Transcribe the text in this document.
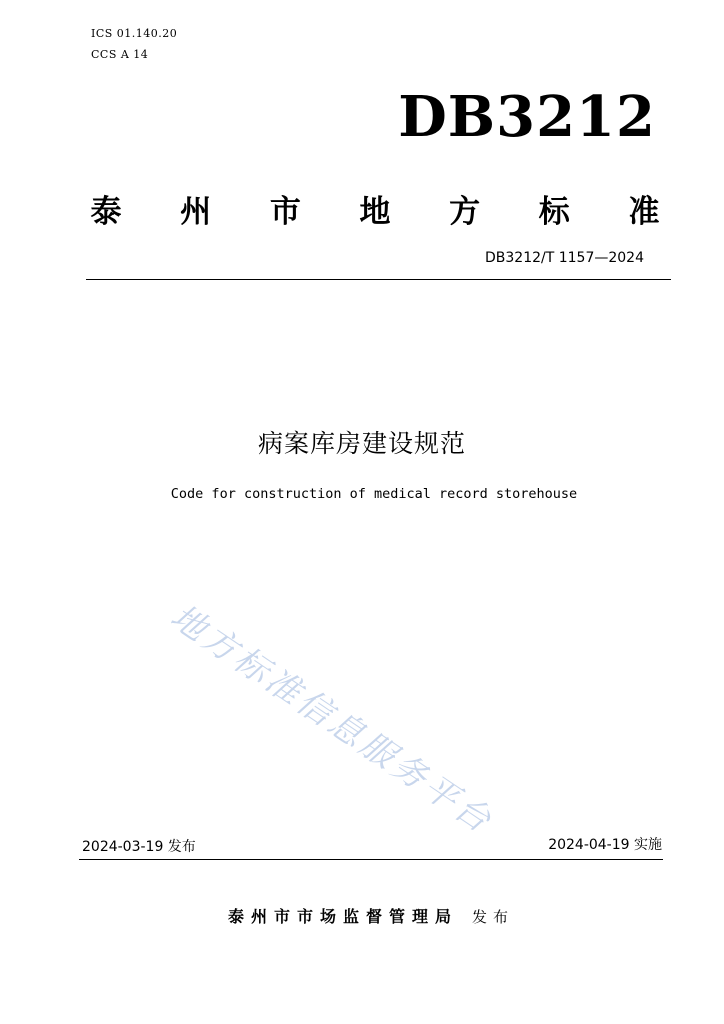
ICS 01.140.20
CCS A 14
DB3212
泰 州 市 地 方 标 准
DB3212/T 1157—2024
病案库房建设规范
Code for construction of medical record storehouse
地方标准信息服务平台
2024-03-19 发布	2024-04-19 实施
泰州市市场监督管理局 发布
